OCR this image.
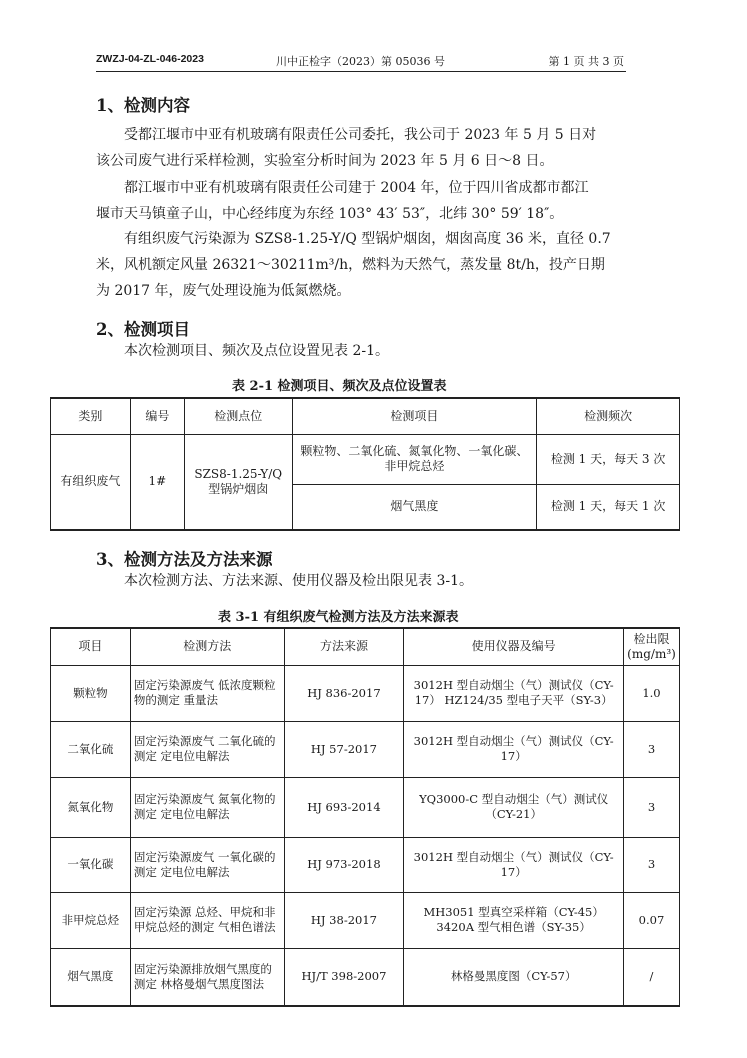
ZWZJ-04-ZL-046-2023	川中正检字（2023）第 05036 号	第 1 页 共 3 页
1、检测内容
受都江堰市中亚有机玻璃有限责任公司委托，我公司于 2023 年 5 月 5 日对
该公司废气进行采样检测，实验室分析时间为 2023 年 5 月 6 日～8 日。
都江堰市中亚有机玻璃有限责任公司建于 2004 年，位于四川省成都市都江
堰市天马镇童子山，中心经纬度为东经 103° 43′ 53″，北纬 30° 59′ 18″。
有组织废气污染源为 SZS8-1.25-Y/Q 型锅炉烟囱，烟囱高度 36 米，直径 0.7
米，风机额定风量 26321～30211m³/h，燃料为天然气，蒸发量 8t/h，投产日期
为 2017 年，废气处理设施为低氮燃烧。
2、检测项目
本次检测项目、频次及点位设置见表 2-1。
表 2-1 检测项目、频次及点位设置表
类别	编号	检测点位	检测项目	检测频次
有组织废气	1#	SZS8-1.25-Y/Q 型锅炉烟囱	颗粒物、二氧化硫、氮氧化物、一氧化碳、非甲烷总烃	检测 1 天，每天 3 次
			烟气黑度	检测 1 天，每天 1 次
3、检测方法及方法来源
本次检测方法、方法来源、使用仪器及检出限见表 3-1。
表 3-1 有组织废气检测方法及方法来源表
项目	检测方法	方法来源	使用仪器及编号	检出限 (mg/m³)
颗粒物	固定污染源废气 低浓度颗粒物的测定 重量法	HJ 836-2017	3012H 型自动烟尘（气）测试仪（CY-17） HZ124/35 型电子天平（SY-3）	1.0
二氧化硫	固定污染源废气 二氧化硫的测定 定电位电解法	HJ 57-2017	3012H 型自动烟尘（气）测试仪（CY-17）	3
氮氧化物	固定污染源废气 氮氧化物的测定 定电位电解法	HJ 693-2014	YQ3000-C 型自动烟尘（气）测试仪（CY-21）	3
一氧化碳	固定污染源废气 一氧化碳的测定 定电位电解法	HJ 973-2018	3012H 型自动烟尘（气）测试仪（CY-17）	3
非甲烷总烃	固定污染源 总烃、甲烷和非甲烷总烃的测定 气相色谱法	HJ 38-2017	MH3051 型真空采样箱（CY-45） 3420A 型气相色谱（SY-35）	0.07
烟气黑度	固定污染源排放烟气黑度的测定 林格曼烟气黑度图法	HJ/T 398-2007	林格曼黑度图（CY-57）	/
